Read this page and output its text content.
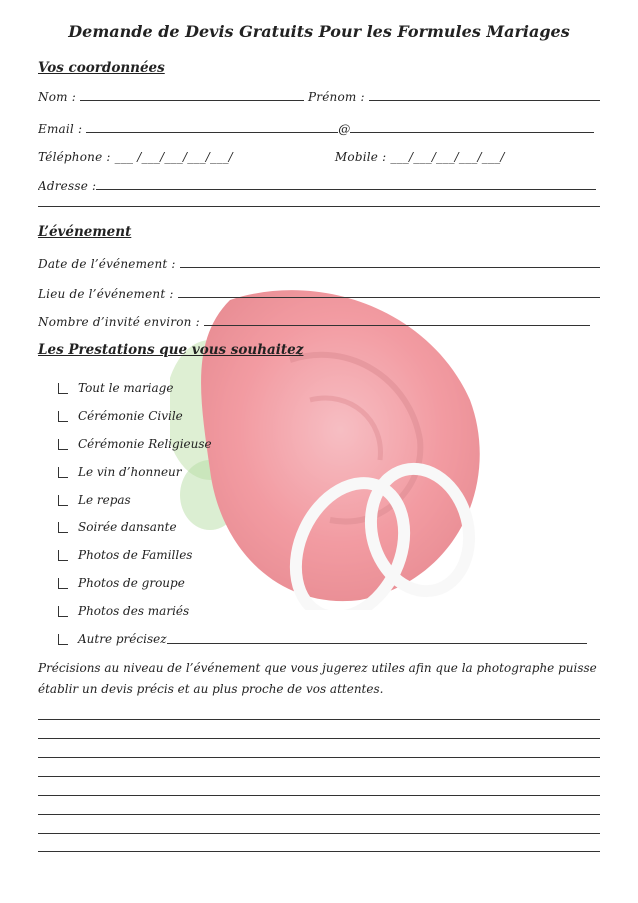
Demande de Devis Gratuits Pour les Formules Mariages
Vos coordonnées
Nom :	Prénom :
Email :	@
Téléphone : ___ /___/___/___/___/	Mobile : ___/___/___/___/___/
Adresse :
L’événement
Date de l’événement :
Lieu de l’événement :
Nombre d’invité environ :
Les Prestations que vous souhaitez
Tout le mariage
Cérémonie Civile
Cérémonie Religieuse
Le vin d’honneur
Le repas
Soirée dansante
Photos de Familles
Photos de groupe
Photos des mariés
Autre précisez
Précisions au niveau de l’événement que vous jugerez utiles afin que la photographe puisse établir un devis précis et au plus proche de vos attentes.
